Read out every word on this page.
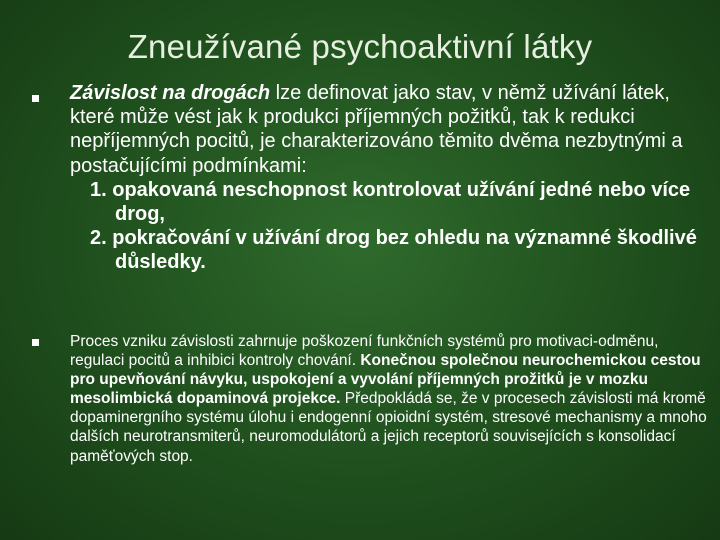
Zneužívané psychoaktivní látky
Závislost na drogách lze definovat jako stav, v němž užívání látek, které může vést jak k produkci příjemných požitků, tak k redukci nepříjemných pocitů, je charakterizováno těmito dvěma nezbytnými a postačujícími podmínkami:
1. opakovaná neschopnost kontrolovat užívání jedné nebo více drog,
2. pokračování v užívání drog bez ohledu na významné škodlivé důsledky.
Proces vzniku závislosti zahrnuje poškození funkčních systémů pro motivaci-odměnu, regulaci pocitů a inhibici kontroly chování. Konečnou společnou neurochemickou cestou pro upevňování návyku, uspokojení a vyvolání příjemných prožitků je v mozku mesolimbická dopaminová projekce. Předpokládá se, že v procesech závislosti má kromě dopaminergního systému úlohu i endogenní opioidní systém, stresové mechanismy a mnoho dalších neurotransmiterů, neuromodulátorů a jejich receptorů souvisejících s konsolidací paměťových stop.
